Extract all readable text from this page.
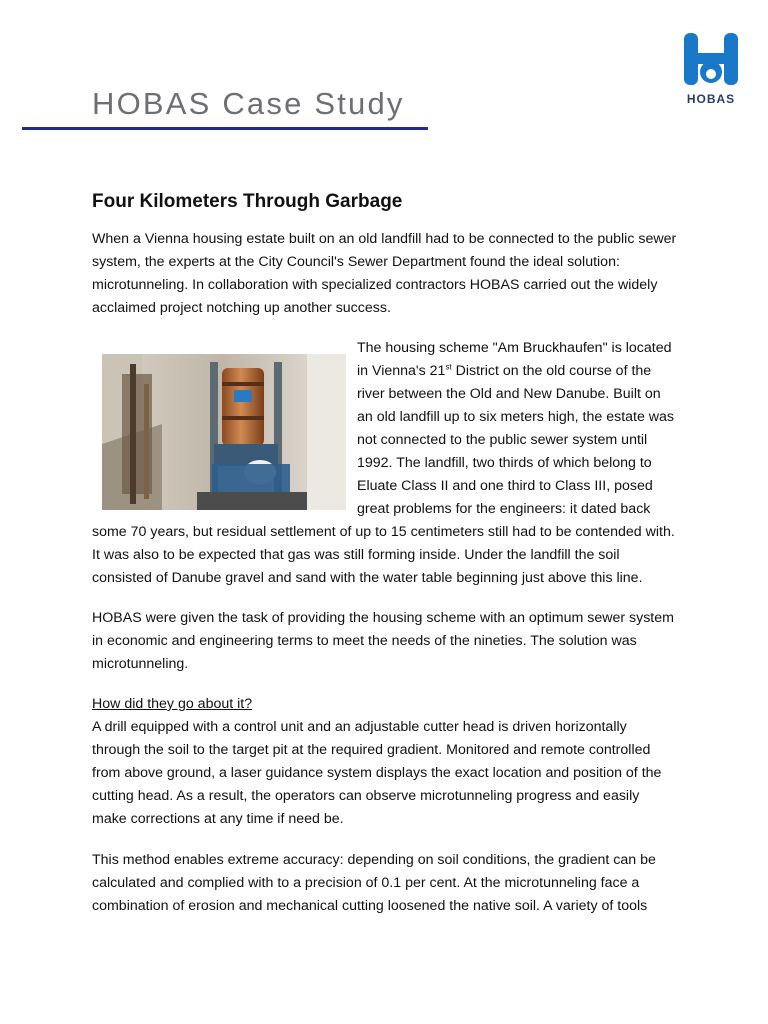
HOBAS Case Study	HOBAS
Four Kilometers Through Garbage
When a Vienna housing estate built on an old landfill had to be connected to the public sewer
system, the experts at the City Council's Sewer Department found the ideal solution:
microtunneling. In collaboration with specialized contractors HOBAS carried out the widely
acclaimed project notching up another success.
The housing scheme "Am Bruckhaufen" is located
in Vienna's 21st District on the old course of the
river between the Old and New Danube. Built on
an old landfill up to six meters high, the estate was
not connected to the public sewer system until
1992. The landfill, two thirds of which belong to
Eluate Class II and one third to Class III, posed
great problems for the engineers: it dated back
some 70 years, but residual settlement of up to 15 centimeters still had to be contended with.
It was also to be expected that gas was still forming inside. Under the landfill the soil
consisted of Danube gravel and sand with the water table beginning just above this line.
HOBAS were given the task of providing the housing scheme with an optimum sewer system
in economic and engineering terms to meet the needs of the nineties. The solution was
microtunneling.
How did they go about it?
A drill equipped with a control unit and an adjustable cutter head is driven horizontally
through the soil to the target pit at the required gradient. Monitored and remote controlled
from above ground, a laser guidance system displays the exact location and position of the
cutting head. As a result, the operators can observe microtunneling progress and easily
make corrections at any time if need be.
This method enables extreme accuracy: depending on soil conditions, the gradient can be
calculated and complied with to a precision of 0.1 per cent. At the microtunneling face a
combination of erosion and mechanical cutting loosened the native soil. A variety of tools
